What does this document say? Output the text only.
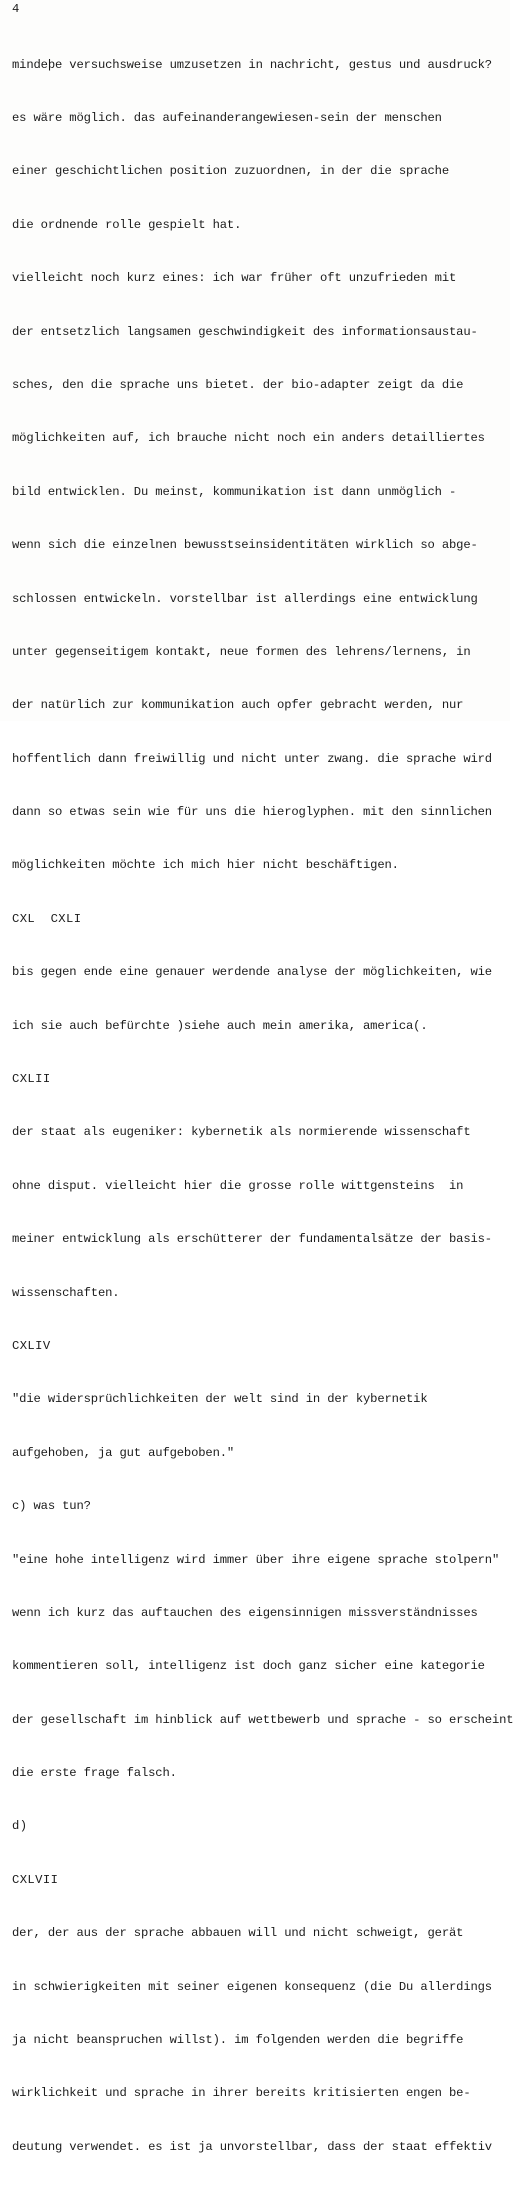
4

mindeþe versuchsweise umzusetzen in nachricht, gestus und ausdruck?

es wäre möglich. das aufeinanderangewiesen-sein der menschen

einer geschichtlichen position zuzuordnen, in der die sprache

die ordnende rolle gespielt hat.

vielleicht noch kurz eines: ich war früher oft unzufrieden mit

der entsetzlich langsamen geschwindigkeit des informationsaustau-

sches, den die sprache uns bietet. der bio-adapter zeigt da die

möglichkeiten auf, ich brauche nicht noch ein anders detailliertes

bild entwicklen. Du meinst, kommunikation ist dann unmöglich -

wenn sich die einzelnen bewusstseinsidentitäten wirklich so abge-

schlossen entwickeln. vorstellbar ist allerdings eine entwicklung

unter gegenseitigem kontakt, neue formen des lehrens/lernens, in

der natürlich zur kommunikation auch opfer gebracht werden, nur

hoffentlich dann freiwillig und nicht unter zwang. die sprache wird

dann so etwas sein wie für uns die hieroglyphen. mit den sinnlichen

möglichkeiten möchte ich mich hier nicht beschäftigen.

CXL  CXLI

bis gegen ende eine genauer werdende analyse der möglichkeiten, wie

ich sie auch befürchte )siehe auch mein amerika, america(.

CXLII

der staat als eugeniker: kybernetik als normierende wissenschaft

ohne disput. vielleicht hier die grosse rolle wittgensteins  in

meiner entwicklung als erschütterer der fundamentalsätze der basis-

wissenschaften.

CXLIV

"die widersprüchlichkeiten der welt sind in der kybernetik

aufgehoben, ja gut aufgeboben."

c) was tun?

"eine hohe intelligenz wird immer über ihre eigene sprache stolpern"

wenn ich kurz das auftauchen des eigensinnigen missverständnisses

kommentieren soll, intelligenz ist doch ganz sicher eine kategorie

der gesellschaft im hinblick auf wettbewerb und sprache - so erscheint

die erste frage falsch.

d)

CXLVII

der, der aus der sprache abbauen will und nicht schweigt, gerät

in schwierigkeiten mit seiner eigenen konsequenz (die Du allerdings

ja nicht beanspruchen willst). im folgenden werden die begriffe

wirklichkeit und sprache in ihrer bereits kritisierten engen be-

deutung verwendet. es ist ja unvorstellbar, dass der staat effektiv
